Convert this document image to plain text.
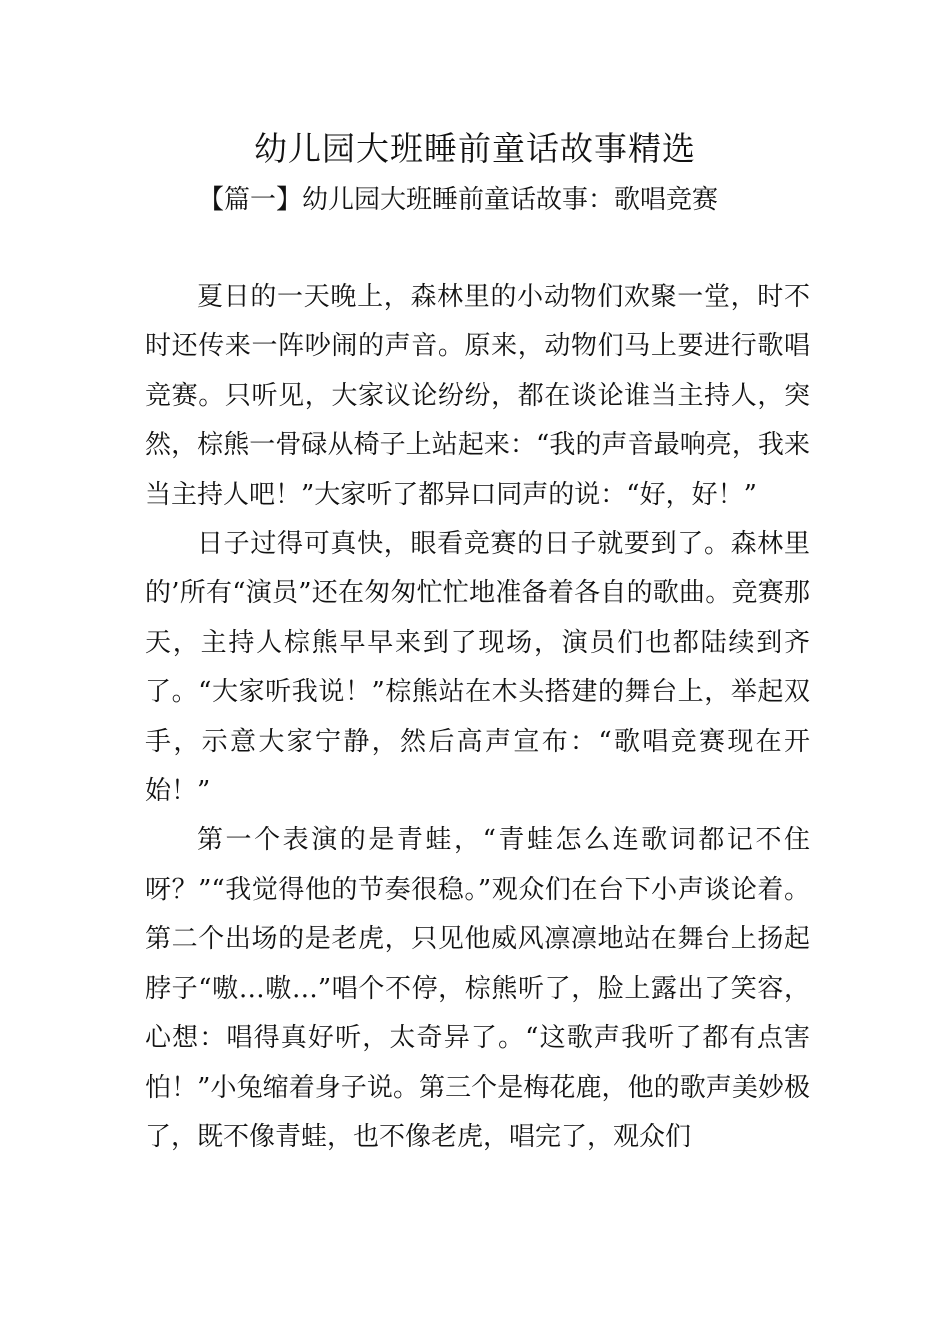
幼儿园大班睡前童话故事精选
【篇一】幼儿园大班睡前童话故事：歌唱竞赛

夏日的一天晚上，森林里的小动物们欢聚一堂，时不时还传来一阵吵闹的声音。原来，动物们马上要进行歌唱竞赛。只听见，大家议论纷纷，都在谈论谁当主持人，突然，棕熊一骨碌从椅子上站起来：“我的声音最响亮，我来当主持人吧！”大家听了都异口同声的说：“好，好！”

日子过得可真快，眼看竞赛的日子就要到了。森林里的’所有“演员”还在匆匆忙忙地准备着各自的歌曲。竞赛那天，主持人棕熊早早来到了现场，演员们也都陆续到齐了。“大家听我说！”棕熊站在木头搭建的舞台上，举起双手，示意大家宁静，然后高声宣布：“歌唱竞赛现在开始！”

第一个表演的是青蛙，“青蛙怎么连歌词都记不住呀？”“我觉得他的节奏很稳。”观众们在台下小声谈论着。第二个出场的是老虎，只见他威风凛凛地站在舞台上扬起脖子“嗷…嗷…”唱个不停，棕熊听了，脸上露出了笑容，心想：唱得真好听，太奇异了。“这歌声我听了都有点害怕！”小兔缩着身子说。第三个是梅花鹿，他的歌声美妙极了，既不像青蛙，也不像老虎，唱完了，观众们
